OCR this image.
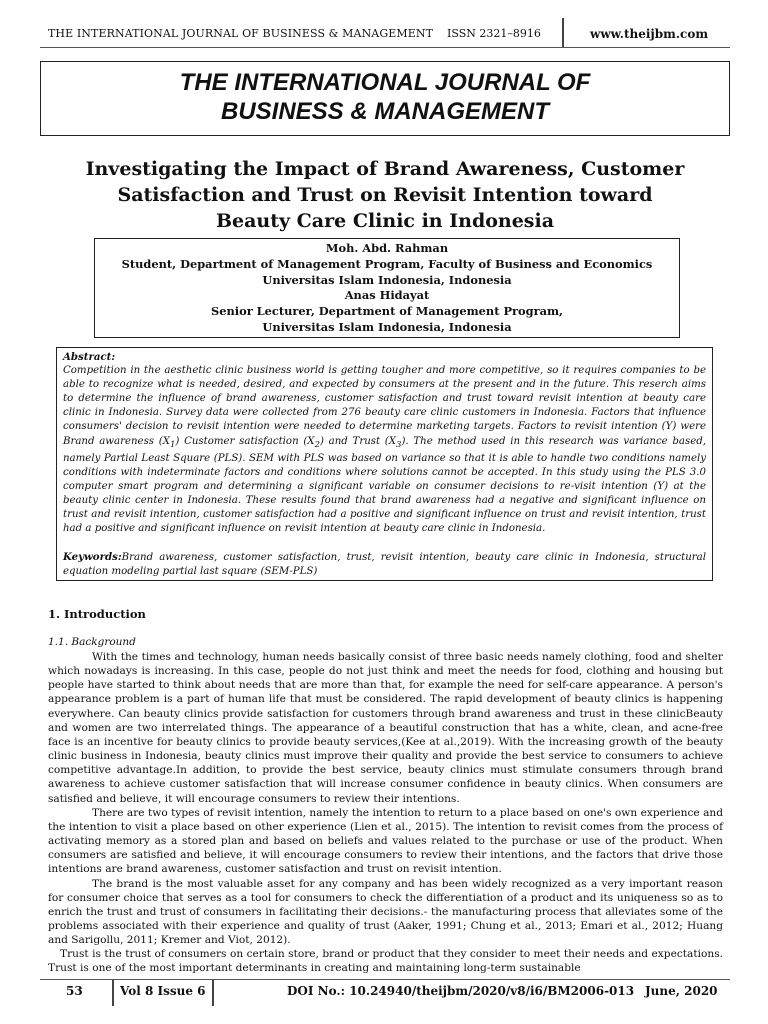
THE INTERNATIONAL JOURNAL OF BUSINESS & MANAGEMENT ISSN 2321–8916	www.theijbm.com
THE INTERNATIONAL JOURNAL OF
BUSINESS & MANAGEMENT
Investigating the Impact of Brand Awareness, Customer
Satisfaction and Trust on Revisit Intention toward
Beauty Care Clinic in Indonesia
Moh. Abd. Rahman
Student, Department of Management Program, Faculty of Business and Economics
Universitas Islam Indonesia, Indonesia
Anas Hidayat
Senior Lecturer, Department of Management Program,
Universitas Islam Indonesia, Indonesia
Abstract:
Competition in the aesthetic clinic business world is getting tougher and more competitive, so it requires companies to be able to recognize what is needed, desired, and expected by consumers at the present and in the future. This reserch aims to determine the influence of brand awareness, customer satisfaction and trust toward revisit intention at beauty care clinic in Indonesia. Survey data were collected from 276 beauty care clinic customers in Indonesia. Factors that influence consumers' decision to revisit intention were needed to determine marketing targets. Factors to revisit intention (Y) were Brand awareness $(X_1)$ Customer satisfaction $(X_2)$ and Trust $(X_3)$. The method used in this research was variance based, namely Partial Least Square (PLS). SEM with PLS was based on variance so that it is able to handle two conditions namely conditions with indeterminate factors and conditions where solutions cannot be accepted. In this study using the PLS 3.0 computer smart program and determining a significant variable on consumer decisions to re-visit intention (Y) at the beauty clinic center in Indonesia. These results found that brand awareness had a negative and significant influence on trust and revisit intention, customer satisfaction had a positive and significant influence on trust and revisit intention, trust had a positive and significant influence on revisit intention at beauty care clinic in Indonesia.
Keywords:Brand awareness, customer satisfaction, trust, revisit intention, beauty care clinic in Indonesia, structural equation modeling partial last square (SEM-PLS)
1. Introduction
1.1. Background

With the times and technology, human needs basically consist of three basic needs namely clothing, food and shelter which nowadays is increasing. In this case, people do not just think and meet the needs for food, clothing and housing but people have started to think about needs that are more than that, for example the need for self-care appearance. A person's appearance problem is a part of human life that must be considered. The rapid development of beauty clinics is happening everywhere. Can beauty clinics provide satisfaction for customers through brand awareness and trust in these clinicBeauty and women are two interrelated things. The appearance of a beautiful construction that has a white, clean, and acne-free face is an incentive for beauty clinics to provide beauty services,(Kee at al.,2019). With the increasing growth of the beauty clinic business in Indonesia, beauty clinics must improve their quality and provide the best service to consumers to achieve competitive advantage.In addition, to provide the best service, beauty clinics must stimulate consumers through brand awareness to achieve customer satisfaction that will increase consumer confidence in beauty clinics. When consumers are satisfied and believe, it will encourage consumers to review their intentions.

There are two types of revisit intention, namely the intention to return to a place based on one's own experience and the intention to visit a place based on other experience (Lien et al., 2015). The intention to revisit comes from the process of activating memory as a stored plan and based on beliefs and values related to the purchase or use of the product. When consumers are satisfied and believe, it will encourage consumers to review their intentions, and the factors that drive those intentions are brand awareness, customer satisfaction and trust on revisit intention.

The brand is the most valuable asset for any company and has been widely recognized as a very important reason for consumer choice that serves as a tool for consumers to check the differentiation of a product and its uniqueness so as to enrich the trust and trust of consumers in facilitating their decisions.- the manufacturing process that alleviates some of the problems associated with their experience and quality of trust (Aaker, 1991; Chung et al., 2013; Emari et al., 2012; Huang and Sarigollu, 2011; Kremer and Viot, 2012).

Trust is the trust of consumers on certain store, brand or product that they consider to meet their needs and expectations. Trust is one of the most important determinants in creating and maintaining long-term sustainable

53	Vol 8 Issue 6	DOI No.: 10.24940/theijbm/2020/v8/i6/BM2006-013 June, 2020
